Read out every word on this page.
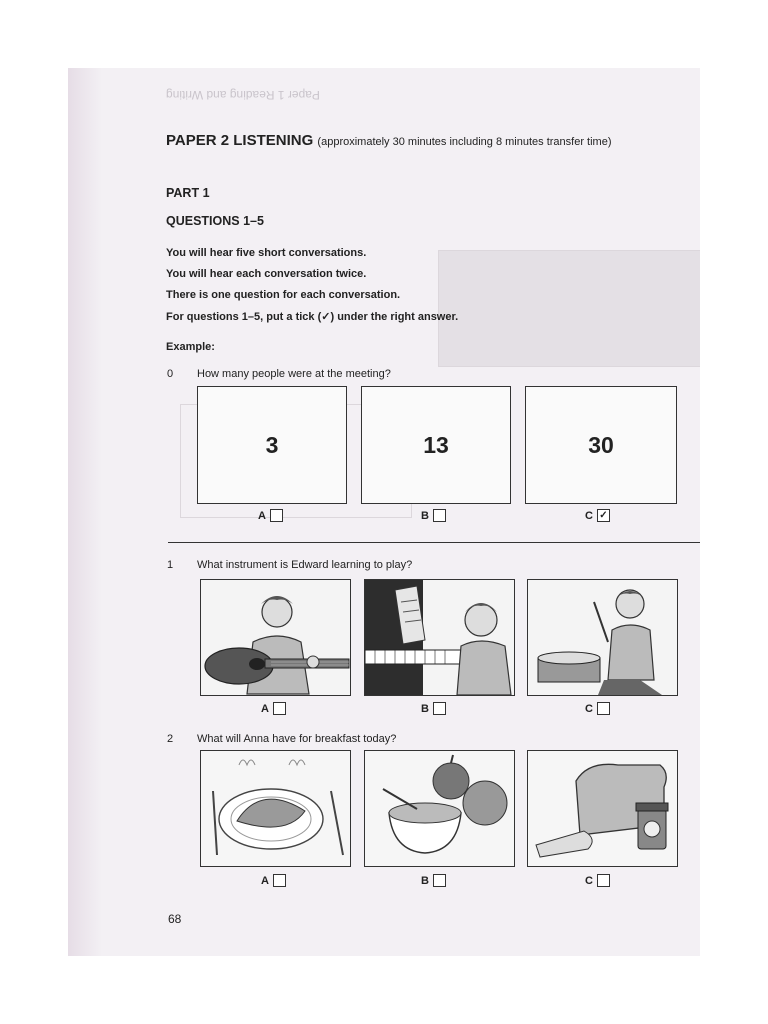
Paper 1 Reading and Writing
PAPER 2 LISTENING (approximately 30 minutes including 8 minutes transfer time)
PART 1
QUESTIONS 1–5
You will hear five short conversations.
You will hear each conversation twice.
There is one question for each conversation.
For questions 1–5, put a tick (✓) under the right answer.
Example:
0 How many people were at the meeting?
3	13	30
A	B	C ✓
1 What instrument is Edward learning to play?
A	B	C
2 What will Anna have for breakfast today?
A	B	C
68
